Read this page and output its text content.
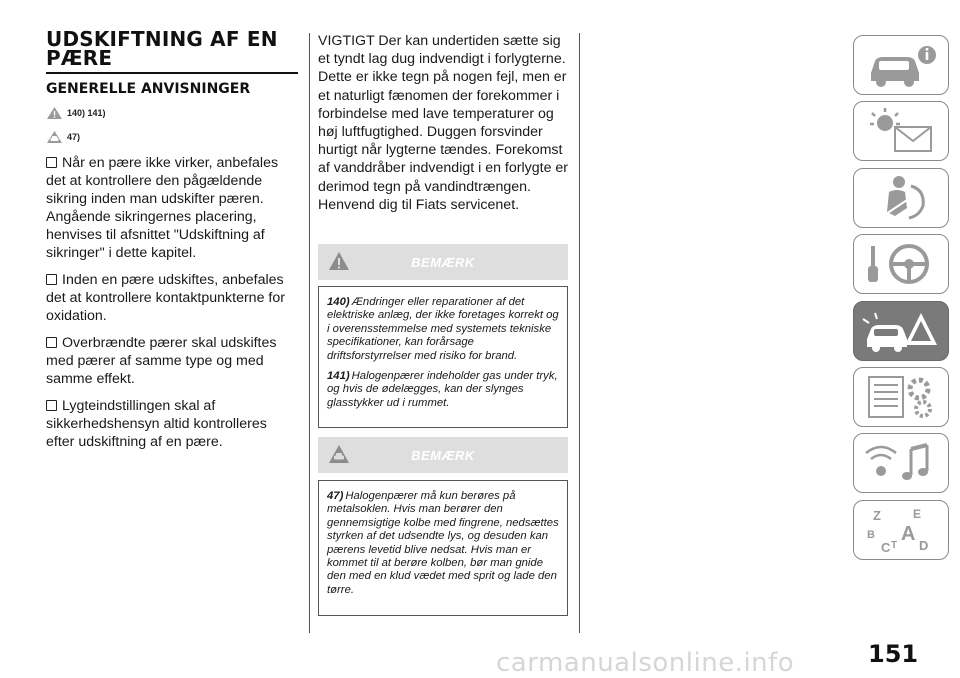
UDSKIFTNING AF EN PÆRE
GENERELLE ANVISNINGER
140) 141)
47)

Når en pære ikke virker, anbefales det at kontrollere den pågældende sikring inden man udskifter pæren. Angående sikringernes placering, henvises til afsnittet "Udskiftning af sikringer" i dette kapitel.

Inden en pære udskiftes, anbefales det at kontrollere kontaktpunkterne for oxidation.

Overbrændte pærer skal udskiftes med pærer af samme type og med samme effekt.

Lygteindstillingen skal af sikkerhedshensyn altid kontrolleres efter udskiftning af en pære.

VIGTIGT Der kan undertiden sætte sig et tyndt lag dug indvendigt i forlygterne. Dette er ikke tegn på nogen fejl, men er et naturligt fænomen der forekommer i forbindelse med lave temperaturer og høj luftfugtighed. Duggen forsvinder hurtigt når lygterne tændes. Forekomst af vanddråber indvendigt i en forlygte er derimod tegn på vandindtrængen. Henvend dig til Fiats servicenet.

BEMÆRK

140) Ændringer eller reparationer af det elektriske anlæg, der ikke foretages korrekt og i overensstemmelse med systemets tekniske specifikationer, kan forårsage driftsforstyrrelser med risiko for brand.

141) Halogenpærer indeholder gas under tryk, og hvis de ødelægges, kan der slynges glasstykker ud i rummet.

BEMÆRK

47) Halogenpærer må kun berøres på metalsoklen. Hvis man berører den gennemsigtige kolbe med fingrene, nedsættes styrken af det udsendte lys, og desuden kan pærens levetid blive nedsat. Hvis man er kommet til at berøre kolben, bør man gnide den med en klud vædet med sprit og lade den tørre.

Z	E
B A
C T D
carmanualsonline.info	151
